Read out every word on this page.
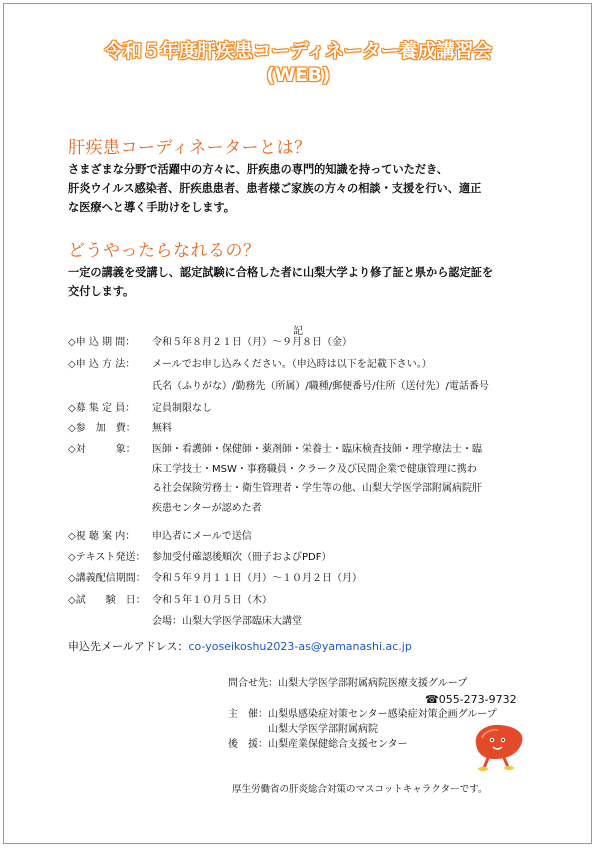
令和５年度肝疾患コーディネーター養成講習会
(WEB)
肝疾患コーディネーターとは？
さまざまな分野で活躍中の方々に、肝疾患の専門的知識を持っていただき、
肝炎ウイルス感染者、肝疾患患者、患者様ご家族の方々の相談・支援を行い、適正
な医療へと導く手助けをします。
どうやったらなれるの？
一定の講義を受講し、認定試験に合格した者に山梨大学より修了証と県から認定証を
交付します。
記
◇申 込 期 間： 令和５年８月２１日（月）～９月８日（金）
◇申 込 方 法： メールでお申し込みください。（申込時は以下を記載下さい。）
氏名（ふりがな）/勤務先（所属）/職種/郵便番号/住所（送付先）/電話番号
◇募 集 定 員： 定員制限なし
◇参　加　費： 無料
◇対　　　象：	医師・看護師・保健師・薬剤師・栄養士・臨床検査技師・理学療法士・臨
床工学技士・MSW・事務職員・クラーク及び民間企業で健康管理に携わ
る社会保険労務士・衛生管理者・学生等の他、山梨大学医学部附属病院肝
疾患センターが認めた者
◇視 聴 案 内： 申込者にメールで送信
◇テキスト発送： 参加受付確認後順次（冊子およびPDF）
◇講義配信期間： 令和５年９月１１日（月）～１０月２日（月）
◇試　　験　日： 令和５年１０月５日（木）
会場：山梨大学医学部臨床大講堂
申込先メールアドレス：co-yoseikoshu2023-as@yamanashi.ac.jp
問合せ先：山梨大学医学部附属病院医療支援グループ
☎055-273-9732
主　催：山梨県感染症対策センター感染症対策企画グループ
山梨大学医学部附属病院
後　援：山梨産業保健総合支援センター
厚生労働省の肝炎総合対策のマスコットキャラクターです。
